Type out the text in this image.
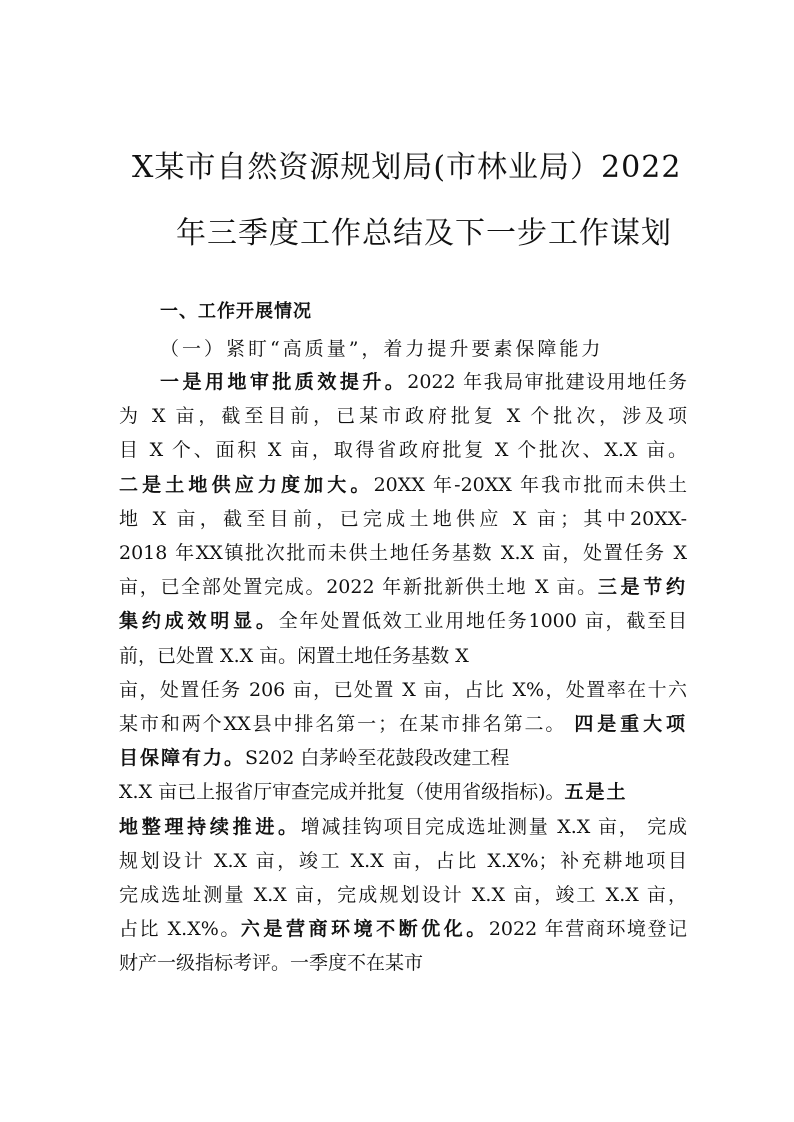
X某市自然资源规划局(市林业局）2022
年三季度工作总结及下一步工作谋划
一、工作开展情况
（一）紧盯“高质量”，着力提升要素保障能力
一是用地审批质效提升。2022 年我局审批建设用地任务
为 X 亩，截至目前，已某市政府批复 X 个批次，涉及项
目 X 个、面积 X 亩，取得省政府批复 X 个批次、X.X 亩。
二是土地供应力度加大。20XX 年-20XX 年我市批而未供土
地 X 亩，截至目前，已完成土地供应 X 亩；其中20XX-
2018 年XX镇批次批而未供土地任务基数 X.X 亩，处置任务 X
亩，已全部处置完成。2022 年新批新供土地 X 亩。三是节约
集约成效明显。全年处置低效工业用地任务1000 亩，截至目
前，已处置 X.X 亩。闲置土地任务基数 X
亩，处置任务 206 亩，已处置 X 亩，占比 X%，处置率在十六
某市和两个XX县中排名第一；在某市排名第二。 四是重大项
目保障有力。S202 白茅岭至花鼓段改建工程
X.X 亩已上报省厅审查完成并批复（使用省级指标)。五是土
地整理持续推进。增减挂钩项目完成选址测量 X.X 亩， 完成
规划设计 X.X 亩，竣工 X.X 亩，占比 X.X%；补充耕地项目
完成选址测量 X.X 亩，完成规划设计 X.X 亩，竣工 X.X 亩，
占比 X.X%。六是营商环境不断优化。2022 年营商环境登记
财产一级指标考评。一季度不在某市
